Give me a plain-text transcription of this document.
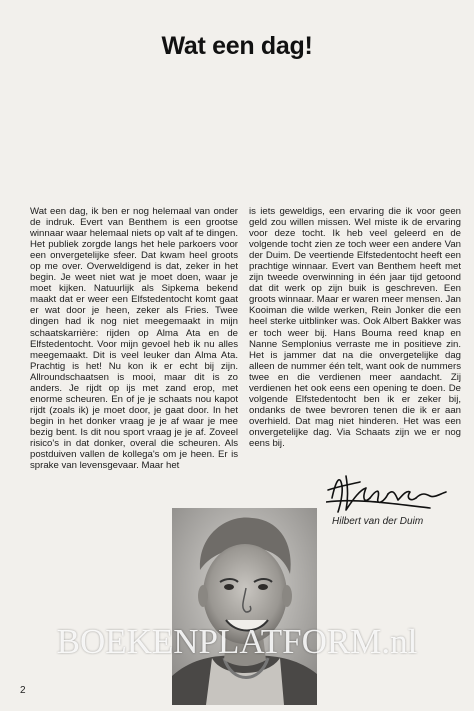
Wat een dag!
Wat een dag, ik ben er nog helemaal van onder de indruk. Evert van Benthem is een grootse winnaar waar helemaal niets op valt af te dingen. Het publiek zorgde langs het hele parkoers voor een onvergetelijke sfeer. Dat kwam heel groots op me over. Overweldigend is dat, zeker in het begin. Je weet niet wat je moet doen, waar je moet kijken. Natuurlijk als Sipkema bekend maakt dat er weer een Elfstedentocht komt gaat er wat door je heen, zeker als Fries. Twee dingen had ik nog niet meegemaakt in mijn schaatskarrière: rijden op Alma Ata en de Elfstedentocht. Voor mijn gevoel heb ik nu alles meegemaakt. Dit is veel leuker dan Alma Ata. Prachtig is het! Nu kon ik er echt bij zijn. Allroundschaatsen is mooi, maar dit is zo anders. Je rijdt op ijs met zand erop, met enorme scheuren. En of je je schaats nou kapot rijdt (zoals ik) je moet door, je gaat door. In het begin in het donker vraag je je af waar je mee bezig bent. Is dit nou sport vraag je je af. Zoveel risico's in dat donker, overal die scheuren. Als postduiven vallen de kollega's om je heen. Er is sprake van levensgevaar. Maar het
is iets geweldigs, een ervaring die ik voor geen geld zou willen missen. Wel miste ik de ervaring voor deze tocht. Ik heb veel geleerd en de volgende tocht zien ze toch weer een andere Van der Duim. De veertiende Elfstedentocht heeft een prachtige winnaar. Evert van Benthem heeft met zijn tweede overwinning in één jaar tijd getoond dat dit werk op zijn buik is geschreven. Een groots winnaar. Maar er waren meer mensen. Jan Kooiman die wilde werken, Rein Jonker die een heel sterke uitblinker was. Ook Albert Bakker was er toch weer bij. Hans Bouma reed knap en Nanne Semplonius verraste me in positieve zin. Het is jammer dat na die onvergetelijke dag alleen de nummer één telt, want ook de nummers twee en die verdienen meer aandacht. Zij verdienen het ook eens een opening te doen. De volgende Elfstedentocht ben ik er zeker bij, ondanks de twee bevroren tenen die ik er aan overhield. Dat mag niet hinderen. Het was een onvergetelijke dag. Via Schaats zijn we er nog eens bij.
Hilbert van der Duim
BOEKENPLATFORM.nl
2
